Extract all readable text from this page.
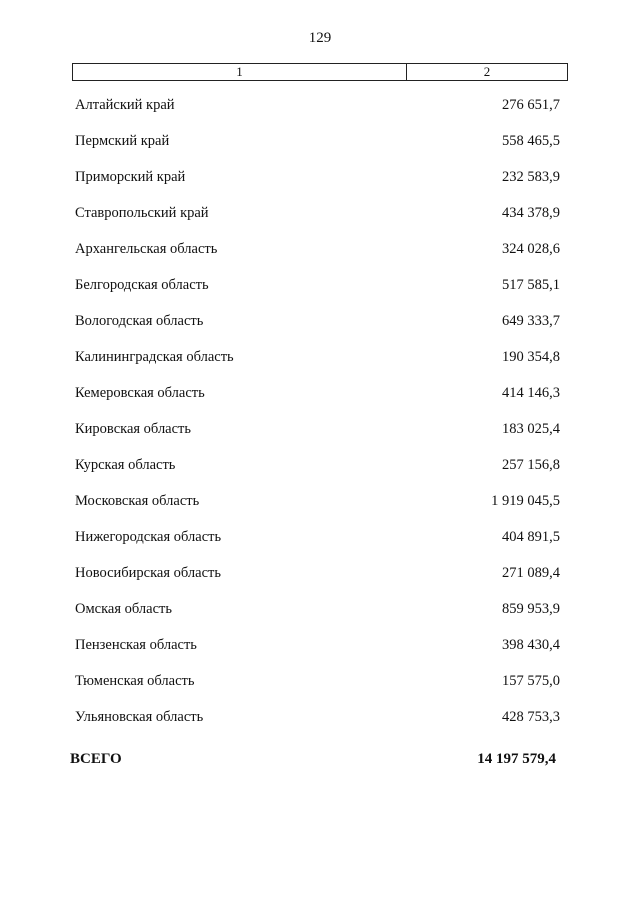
129
1	2
Алтайский край	276 651,7
Пермский край	558 465,5
Приморский край	232 583,9
Ставропольский край	434 378,9
Архангельская область	324 028,6
Белгородская область	517 585,1
Вологодская область	649 333,7
Калининградская область	190 354,8
Кемеровская область	414 146,3
Кировская область	183 025,4
Курская область	257 156,8
Московская область	1 919 045,5
Нижегородская область	404 891,5
Новосибирская область	271 089,4
Омская область	859 953,9
Пензенская область	398 430,4
Тюменская область	157 575,0
Ульяновская область	428 753,3
ВСЕГО	14 197 579,4
